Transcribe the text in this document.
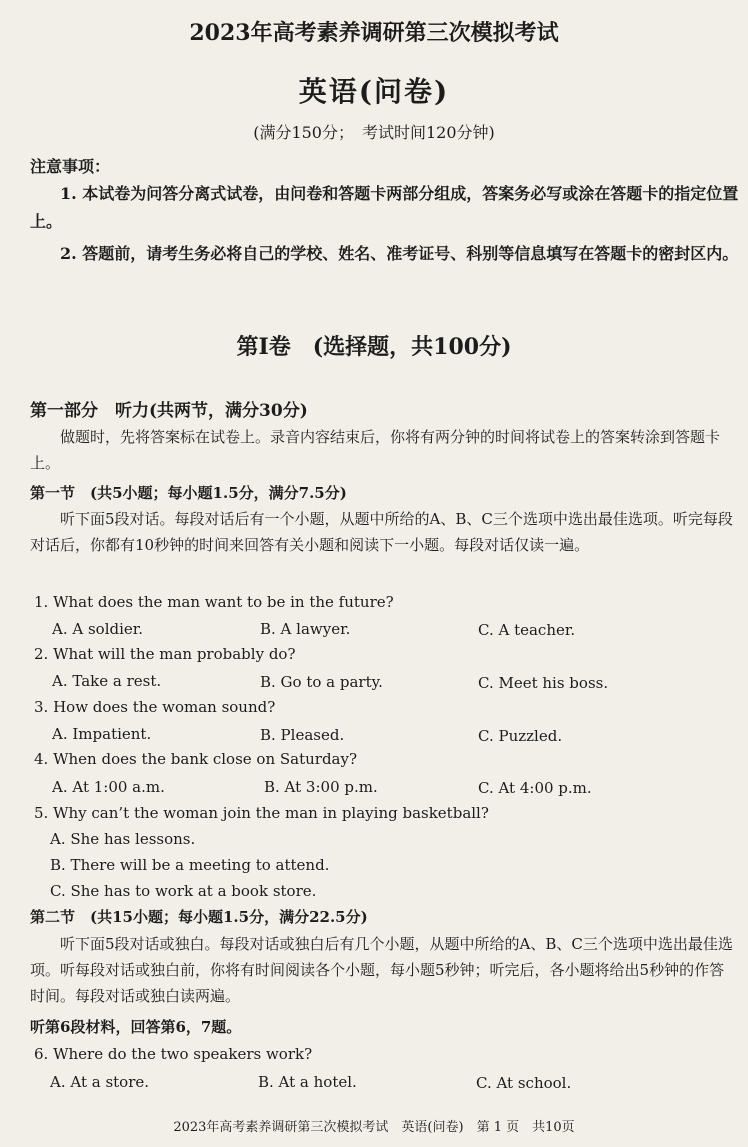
2023年高考素养调研第三次模拟考试
英语(问卷)
(满分150分；　考试时间120分钟)
注意事项：
1. 本试卷为问答分离式试卷，由问卷和答题卡两部分组成，答案务必写或涂在答题卡的指定位置上。
2. 答题前，请考生务必将自己的学校、姓名、准考证号、科别等信息填写在答题卡的密封区内。
第Ⅰ卷　(选择题，共100分)
第一部分　听力(共两节，满分30分)
做题时，先将答案标在试卷上。录音内容结束后，你将有两分钟的时间将试卷上的答案转涂到答题卡上。
第一节　(共5小题；每小题1.5分，满分7.5分)
听下面5段对话。每段对话后有一个小题，从题中所给的A、B、C三个选项中选出最佳选项。听完每段对话后，你都有10秒钟的时间来回答有关小题和阅读下一小题。每段对话仅读一遍。
1. What does the man want to be in the future?
A. A soldier.	B. A lawyer.	C. A teacher.
2. What will the man probably do?
A. Take a rest.	B. Go to a party.	C. Meet his boss.
3. How does the woman sound?
A. Impatient.	B. Pleased.	C. Puzzled.
4. When does the bank close on Saturday?
A. At 1:00 a.m.	B. At 3:00 p.m.	C. At 4:00 p.m.
5. Why can’t the woman join the man in playing basketball?
A. She has lessons.
B. There will be a meeting to attend.
C. She has to work at a book store.
第二节　(共15小题；每小题1.5分，满分22.5分)
听下面5段对话或独白。每段对话或独白后有几个小题，从题中所给的A、B、C三个选项中选出最佳选项。听每段对话或独白前，你将有时间阅读各个小题，每小题5秒钟；听完后，各小题将给出5秒钟的作答时间。每段对话或独白读两遍。
听第6段材料，回答第6，7题。
6. Where do the two speakers work?
A. At a store.	B. At a hotel.	C. At school.
2023年高考素养调研第三次模拟考试　英语(问卷)　第 1 页　共10页
